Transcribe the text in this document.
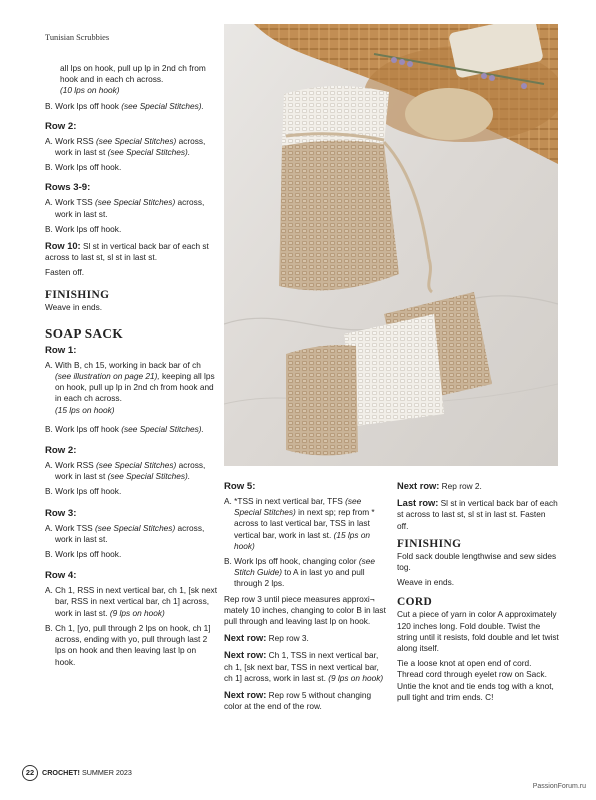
Tunisian Scrubbies

all lps on hook, pull up lp in 2nd ch from hook and in each ch across.
(10 lps on hook)

B. Work lps off hook (see Special Stitches).

Row 2:

A. Work RSS (see Special Stitches) across, work in last st (see Special Stitches).

B. Work lps off hook.

Rows 3-9:

A. Work TSS (see Special Stitches) across, work in last st.

B. Work lps off hook.

Row 10: Sl st in vertical back bar of each st across to last st, sl st in last st.

Fasten off.

FINISHING

Weave in ends.

SOAP SACK

Row 1:

A. With B, ch 15, working in back bar of ch (see illustration on page 21), keeping all lps on hook, pull up lp in 2nd ch from hook and in each ch across.
(15 lps on hook)

B. Work lps off hook (see Special Stitches).

Row 2:

A. Work RSS (see Special Stitches) across, work in last st (see Special Stitches).

B. Work lps off hook.

Row 3:

A. Work TSS (see Special Stitches) across, work in last st.

B. Work lps off hook.

Row 4:

A. Ch 1, RSS in next vertical bar, ch 1, [sk next bar, RSS in next vertical bar, ch 1] across, work in last st. (9 lps on hook)

B. Ch 1, [yo, pull through 2 lps on hook, ch 1] across, ending with yo, pull through last 2 lps on hook and then leaving last lp on hook.

Row 5:

A. *TSS in next vertical bar, TFS (see Special Stitches) in next sp; rep from * across to last vertical bar, TSS in last vertical bar, work in last st. (15 lps on hook)

B. Work lps off hook, changing color (see Stitch Guide) to A in last yo and pull through 2 lps.

Rep row 3 until piece measures approxi¬ mately 10 inches, changing to color B in last pull through and leaving last lp on hook.

Next row: Rep row 3.

Next row: Ch 1, TSS in next vertical bar, ch 1, [sk next bar, TSS in next vertical bar, ch 1] across, work in last st. (9 lps on hook)

Next row: Rep row 5 without changing color at the end of the row.

Next row: Rep row 2.

Last row: Sl st in vertical back bar of each st across to last st, sl st in last st. Fasten off.

FINISHING

Fold sack double lengthwise and sew sides tog.

Weave in ends.

CORD

Cut a piece of yarn in color A approximately 120 inches long. Fold double. Twist the string until it resists, fold double and let twist along itself.

Tie a loose knot at open end of cord. Thread cord through eyelet row on Sack. Untie the knot and tie ends tog with a knot, pull tight and trim ends. C!

22 CROCHET! SUMMER 2023
PassionForum.ru
